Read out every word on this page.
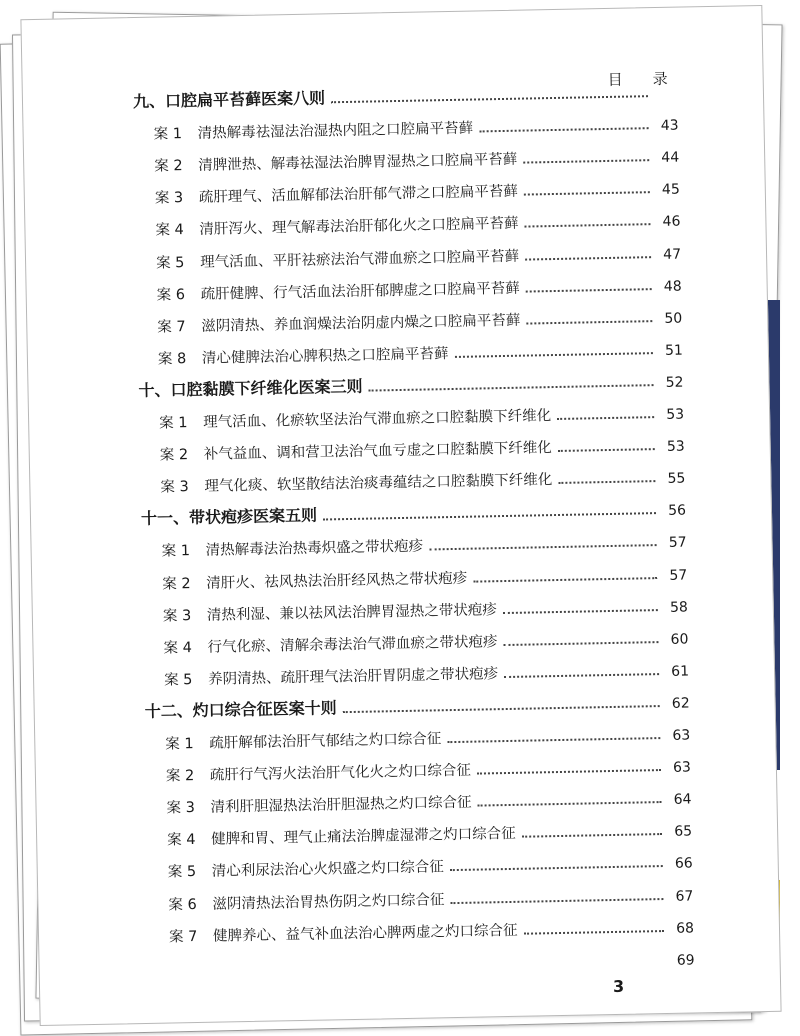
目录
九、口腔扁平苔藓医案八则
案 1 清热解毒祛湿法治湿热内阻之口腔扁平苔藓	43
案 2 清脾泄热、解毒祛湿法治脾胃湿热之口腔扁平苔藓	44
案 3 疏肝理气、活血解郁法治肝郁气滞之口腔扁平苔藓	45
案 4 清肝泻火、理气解毒法治肝郁化火之口腔扁平苔藓	46
案 5 理气活血、平肝祛瘀法治气滞血瘀之口腔扁平苔藓	47
案 6 疏肝健脾、行气活血法治肝郁脾虚之口腔扁平苔藓	48
案 7 滋阴清热、养血润燥法治阴虚内燥之口腔扁平苔藓	50
案 8 清心健脾法治心脾积热之口腔扁平苔藓	51
十、口腔黏膜下纤维化医案三则	52
案 1 理气活血、化瘀软坚法治气滞血瘀之口腔黏膜下纤维化	53
案 2 补气益血、调和营卫法治气血亏虚之口腔黏膜下纤维化	53
案 3 理气化痰、软坚散结法治痰毒蕴结之口腔黏膜下纤维化	55
十一、带状疱疹医案五则	56
案 1 清热解毒法治热毒炽盛之带状疱疹	57
案 2 清肝火、祛风热法治肝经风热之带状疱疹	57
案 3 清热利湿、兼以祛风法治脾胃湿热之带状疱疹	58
案 4 行气化瘀、清解余毒法治气滞血瘀之带状疱疹	60
案 5 养阴清热、疏肝理气法治肝胃阴虚之带状疱疹	61
十二、灼口综合征医案十则	62
案 1 疏肝解郁法治肝气郁结之灼口综合征	63
案 2 疏肝行气泻火法治肝气化火之灼口综合征	63
案 3 清利肝胆湿热法治肝胆湿热之灼口综合征	64
案 4 健脾和胃、理气止痛法治脾虚湿滞之灼口综合征	65
案 5 清心利尿法治心火炽盛之灼口综合征	66
案 6 滋阴清热法治胃热伤阴之灼口综合征	67
案 7 健脾养心、益气补血法治心脾两虚之灼口综合征	68
69
3
